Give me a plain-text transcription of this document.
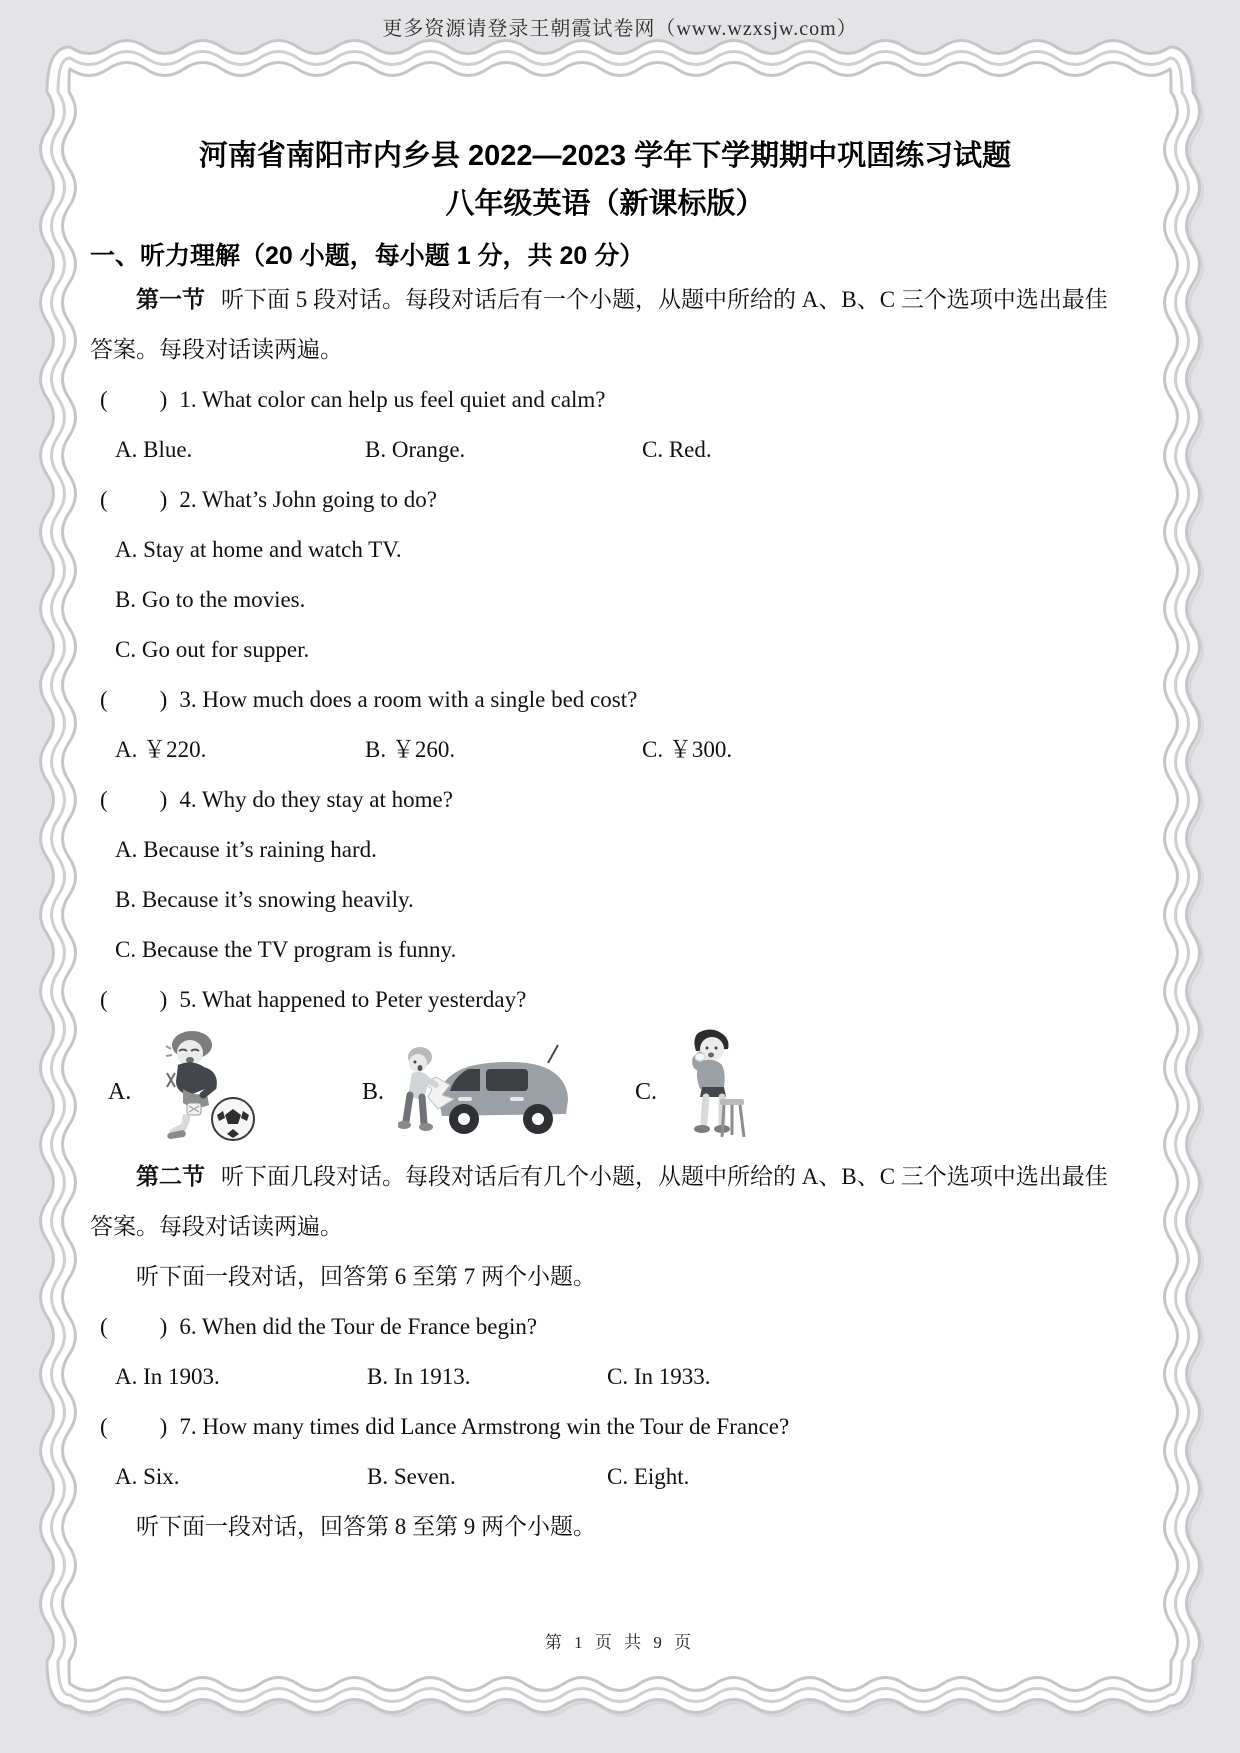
更多资源请登录王朝霞试卷网（www.wzxsjw.com）
河南省南阳市内乡县 2022—2023 学年下学期期中巩固练习试题
八年级英语（新课标版）
一、听力理解（20 小题，每小题 1 分，共 20 分）

第一节 听下面 5 段对话。每段对话后有一个小题，从题中所给的 A、B、C 三个选项中选出最佳答案。每段对话读两遍。

(　　) 1. What color can help us feel quiet and calm?

A. Blue.	B. Orange.	C. Red.

(　　) 2. What’s John going to do?

A. Stay at home and watch TV.

B. Go to the movies.

C. Go out for supper.

(　　) 3. How much does a room with a single bed cost?

A. ￥220.	B. ￥260.	C. ￥300.

(　　) 4. Why do they stay at home?

A. Because it’s raining hard.

B. Because it’s snowing heavily.

C. Because the TV program is funny.

(　　) 5. What happened to Peter yesterday?

A.	B.	C.

第二节 听下面几段对话。每段对话后有几个小题，从题中所给的 A、B、C 三个选项中选出最佳答案。每段对话读两遍。

听下面一段对话，回答第 6 至第 7 两个小题。

(　　) 6. When did the Tour de France begin?

A. In 1903.	B. In 1913.	C. In 1933.

(　　) 7. How many times did Lance Armstrong win the Tour de France?

A. Six.	B. Seven.	C. Eight.

听下面一段对话，回答第 8 至第 9 两个小题。

第 1 页 共 9 页
